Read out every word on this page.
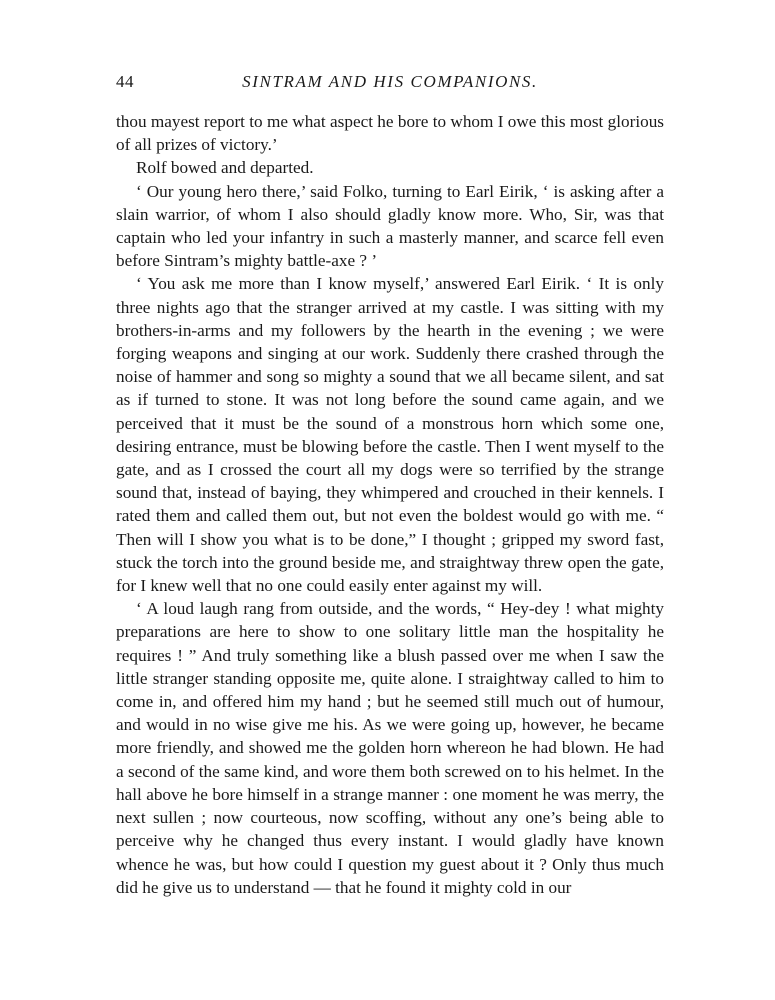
44	SINTRAM AND HIS COMPANIONS.

thou mayest report to me what aspect he bore to whom I owe this most glorious of all prizes of victory.’

Rolf bowed and departed.

‘ Our young hero there,’ said Folko, turning to Earl Eirik, ‘ is asking after a slain warrior, of whom I also should gladly know more. Who, Sir, was that captain who led your infantry in such a masterly manner, and scarce fell even before Sintram’s mighty battle-axe ? ’

‘ You ask me more than I know myself,’ answered Earl Eirik. ‘ It is only three nights ago that the stranger arrived at my castle. I was sitting with my brothers-in-arms and my followers by the hearth in the evening ; we were forging weapons and singing at our work. Suddenly there crashed through the noise of hammer and song so mighty a sound that we all became silent, and sat as if turned to stone. It was not long before the sound came again, and we perceived that it must be the sound of a monstrous horn which some one, desiring entrance, must be blowing before the castle. Then I went myself to the gate, and as I crossed the court all my dogs were so terrified by the strange sound that, instead of baying, they whimpered and crouched in their kennels. I rated them and called them out, but not even the boldest would go with me. “ Then will I show you what is to be done,” I thought ; gripped my sword fast, stuck the torch into the ground beside me, and straightway threw open the gate, for I knew well that no one could easily enter against my will.

‘ A loud laugh rang from outside, and the words, “ Hey-dey ! what mighty preparations are here to show to one solitary little man the hospitality he requires ! ” And truly something like a blush passed over me when I saw the little stranger standing opposite me, quite alone. I straightway called to him to come in, and offered him my hand ; but he seemed still much out of humour, and would in no wise give me his. As we were going up, however, he became more friendly, and showed me the golden horn whereon he had blown. He had a second of the same kind, and wore them both screwed on to his helmet. In the hall above he bore himself in a strange manner : one moment he was merry, the next sullen ; now courteous, now scoffing, without any one’s being able to perceive why he changed thus every instant. I would gladly have known whence he was, but how could I question my guest about it ? Only thus much did he give us to understand — that he found it mighty cold in our
